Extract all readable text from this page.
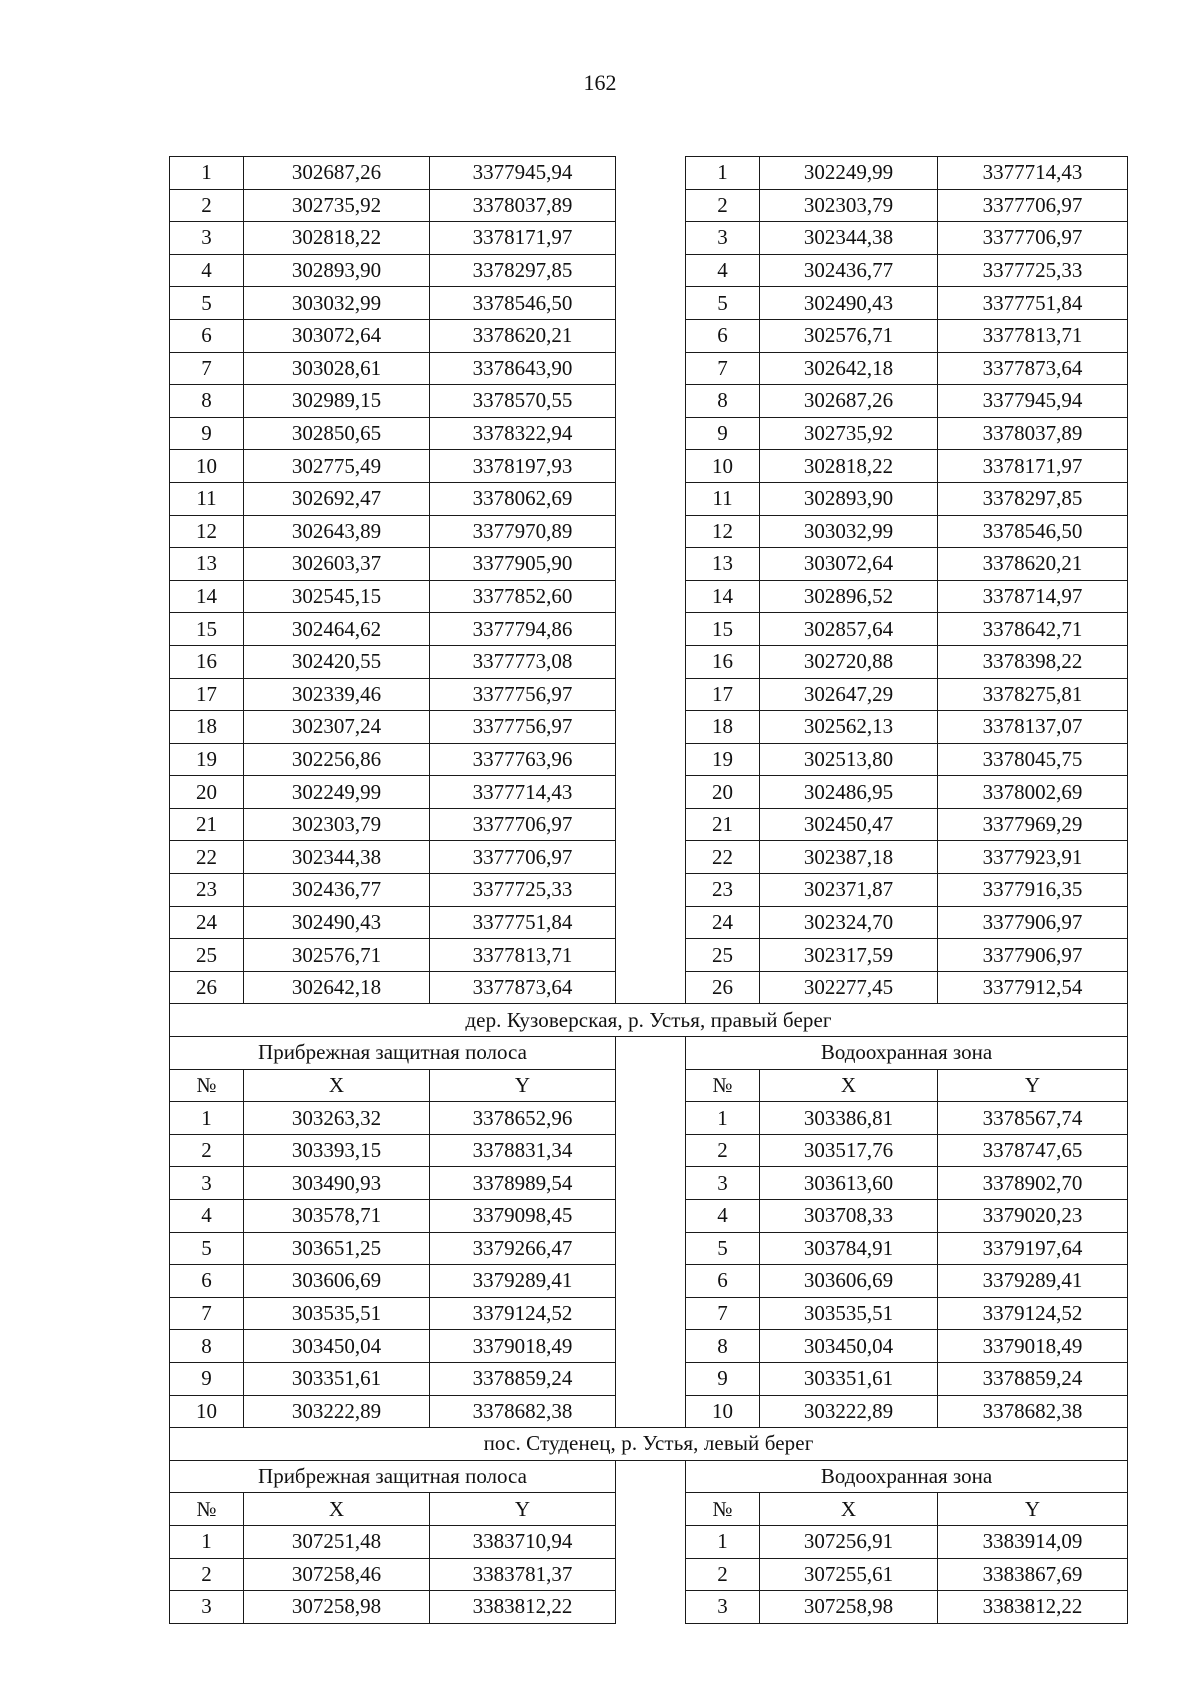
162
1	302687,26	3377945,94		1	302249,99	3377714,43
2	302735,92	3378037,89		2	302303,79	3377706,97
3	302818,22	3378171,97		3	302344,38	3377706,97
4	302893,90	3378297,85		4	302436,77	3377725,33
5	303032,99	3378546,50		5	302490,43	3377751,84
6	303072,64	3378620,21		6	302576,71	3377813,71
7	303028,61	3378643,90		7	302642,18	3377873,64
8	302989,15	3378570,55		8	302687,26	3377945,94
9	302850,65	3378322,94		9	302735,92	3378037,89
10	302775,49	3378197,93		10	302818,22	3378171,97
11	302692,47	3378062,69		11	302893,90	3378297,85
12	302643,89	3377970,89		12	303032,99	3378546,50
13	302603,37	3377905,90		13	303072,64	3378620,21
14	302545,15	3377852,60		14	302896,52	3378714,97
15	302464,62	3377794,86		15	302857,64	3378642,71
16	302420,55	3377773,08		16	302720,88	3378398,22
17	302339,46	3377756,97		17	302647,29	3378275,81
18	302307,24	3377756,97		18	302562,13	3378137,07
19	302256,86	3377763,96		19	302513,80	3378045,75
20	302249,99	3377714,43		20	302486,95	3378002,69
21	302303,79	3377706,97		21	302450,47	3377969,29
22	302344,38	3377706,97		22	302387,18	3377923,91
23	302436,77	3377725,33		23	302371,87	3377916,35
24	302490,43	3377751,84		24	302324,70	3377906,97
25	302576,71	3377813,71		25	302317,59	3377906,97
26	302642,18	3377873,64		26	302277,45	3377912,54
дер. Кузоверская, р. Устья, правый берег						
Прибрежная защитная полоса				Водоохранная зона		
№	X	Y		№	X	Y
1	303263,32	3378652,96		1	303386,81	3378567,74
2	303393,15	3378831,34		2	303517,76	3378747,65
3	303490,93	3378989,54		3	303613,60	3378902,70
4	303578,71	3379098,45		4	303708,33	3379020,23
5	303651,25	3379266,47		5	303784,91	3379197,64
6	303606,69	3379289,41		6	303606,69	3379289,41
7	303535,51	3379124,52		7	303535,51	3379124,52
8	303450,04	3379018,49		8	303450,04	3379018,49
9	303351,61	3378859,24		9	303351,61	3378859,24
10	303222,89	3378682,38		10	303222,89	3378682,38
пос. Студенец, р. Устья, левый берег						
Прибрежная защитная полоса				Водоохранная зона		
№	X	Y		№	X	Y
1	307251,48	3383710,94		1	307256,91	3383914,09
2	307258,46	3383781,37		2	307255,61	3383867,69
3	307258,98	3383812,22		3	307258,98	3383812,22
